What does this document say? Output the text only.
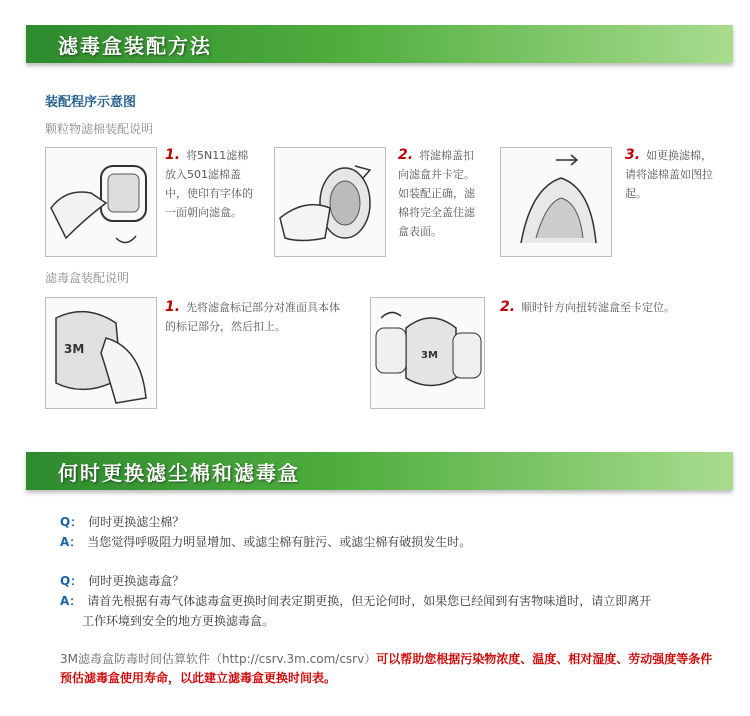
滤毒盒装配方法
装配程序示意图
颗粒物滤棉装配说明
1. 将5N11滤棉放入501滤棉盖中，使印有字体的一面朝向滤盒。
2. 将滤棉盖扣向滤盒并卡定。如装配正确，滤棉将完全盖住滤盒表面。
3. 如更换滤棉，请将滤棉盖如图拉起。
滤毒盒装配说明
3M
1. 先将滤盒标记部分对准面具本体的标记部分，然后扣上。
3M
2. 顺时针方向扭转滤盒至卡定位。
何时更换滤尘棉和滤毒盒
Q： 何时更换滤尘棉？
A： 当您觉得呼吸阻力明显增加、或滤尘棉有脏污、或滤尘棉有破损发生时。
Q： 何时更换滤毒盒？
A： 请首先根据有毒气体滤毒盒更换时间表定期更换，但无论何时，如果您已经闻到有害物味道时，请立即离开工作环境到安全的地方更换滤毒盒。
3M滤毒盒防毒时间估算软件（http://csrv.3m.com/csrv）可以帮助您根据污染物浓度、温度、相对湿度、劳动强度等条件预估滤毒盒使用寿命，以此建立滤毒盒更换时间表。
